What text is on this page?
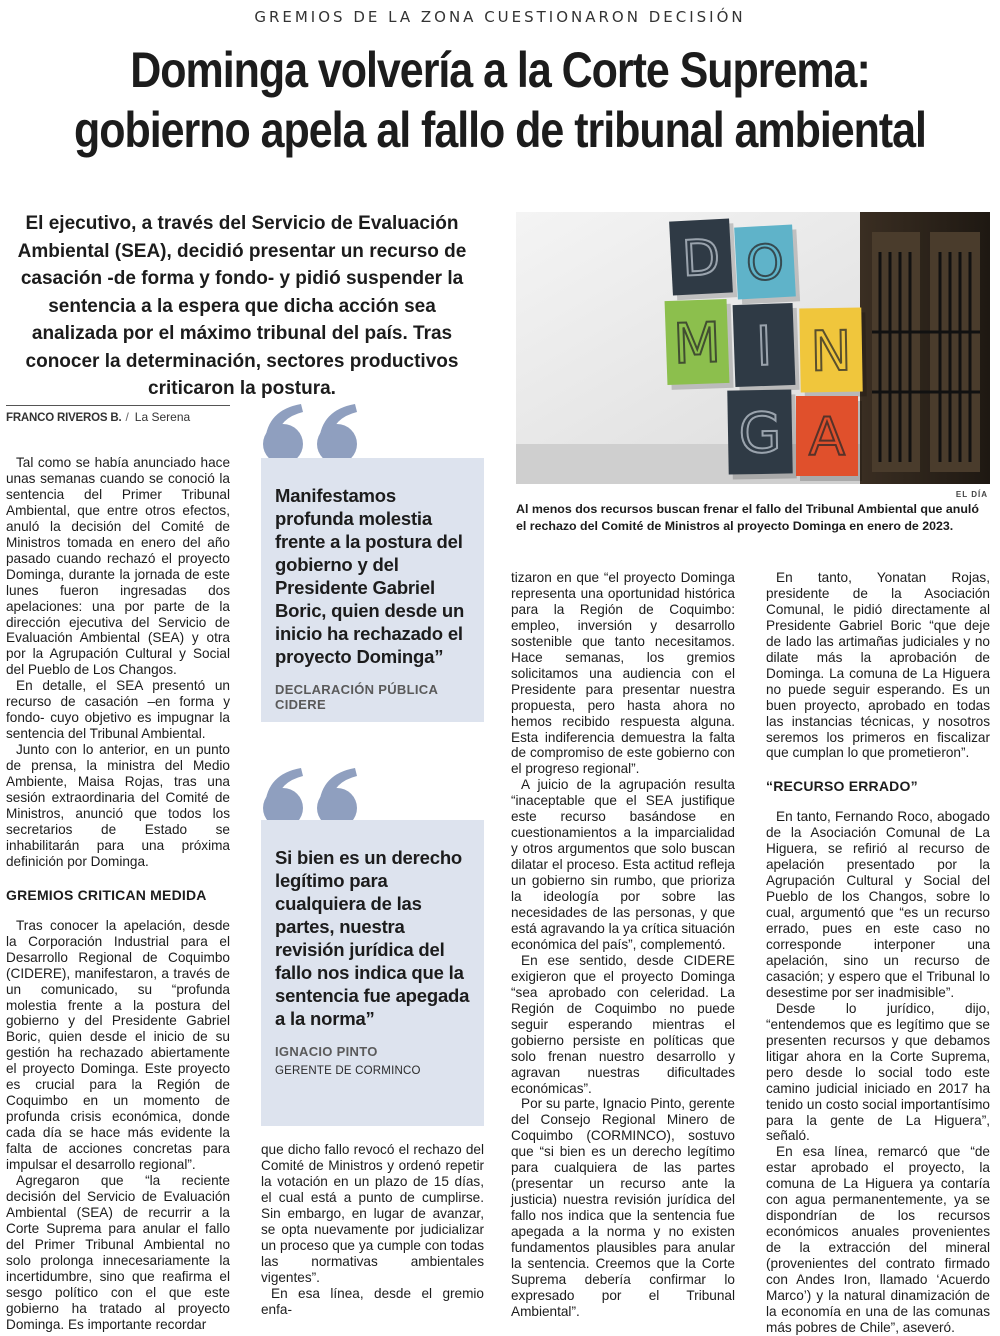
GREMIOS DE LA ZONA CUESTIONARON DECISIÓN
Dominga volvería a la Corte Suprema:
gobierno apela al fallo de tribunal ambiental
El ejecutivo, a través del Servicio de Evaluación Ambiental (SEA), decidió presentar un recurso de casación -de forma y fondo- y pidió suspender la sentencia a la espera que dicha acción sea analizada por el máximo tribunal del país. Tras conocer la determinación, sectores productivos criticaron la postura.
D O
M I N
G A
EL DÍA
Al menos dos recursos buscan frenar el fallo del Tribunal Ambiental que anuló el rechazo del Comité de Ministros al proyecto Dominga en enero de 2023.
FRANCO RIVEROS B. / La Serena

Tal como se había anunciado hace unas semanas cuando se conoció la sentencia del Primer Tribunal Ambiental, que entre otros efectos, anuló la decisión del Comité de Ministros tomada en enero del año pasado cuando rechazó el proyecto Dominga, durante la jornada de este lunes fueron ingresadas dos apelaciones: una por parte de la dirección ejecutiva del Servicio de Evaluación Ambiental (SEA) y otra por la Agrupación Cultural y Social del Pueblo de Los Changos.

En detalle, el SEA presentó un recurso de casación –en forma y fondo- cuyo objetivo es impugnar la sentencia del Tribunal Ambiental.

Junto con lo anterior, en un punto de prensa, la ministra del Medio Ambiente, Maisa Rojas, tras una sesión extraordinaria del Comité de Ministros, anunció que todos los secretarios de Estado se inhabilitarán para una próxima definición por Dominga.

GREMIOS CRITICAN MEDIDA

Tras conocer la apelación, desde la Corporación Industrial para el Desarrollo Regional de Coquimbo (CIDERE), manifestaron, a través de un comunicado, su “profunda molestia frente a la postura del gobierno y del Presidente Gabriel Boric, quien desde el inicio de su gestión ha rechazado abiertamente el proyecto Dominga. Este proyecto es crucial para la Región de Coquimbo en un momento de profunda crisis económica, donde cada día se hace más evidente la falta de acciones concretas para impulsar el desarrollo regional”.

Agregaron que “la reciente decisión del Servicio de Evaluación Ambiental (SEA) de recurrir a la Corte Suprema para anular el fallo del Primer Tribunal Ambiental no solo prolonga innecesariamente la incertidumbre, sino que reafirma el sesgo político con el que este gobierno ha tratado al proyecto Dominga. Es importante recordar

Manifestamos profunda molestia frente a la postura del gobierno y del Presidente Gabriel Boric, quien desde un inicio ha rechazado el proyecto Dominga”
DECLARACIÓN PÚBLICA CIDERE
Si bien es un derecho legítimo para cualquiera de las partes, nuestra revisión jurídica del fallo nos indica que la sentencia fue apegada a la norma”
IGNACIO PINTO
GERENTE DE CORMINCO

que dicho fallo revocó el rechazo del Comité de Ministros y ordenó repetir la votación en un plazo de 15 días, el cual está a punto de cumplirse. Sin embargo, en lugar de avanzar, se opta nuevamente por judicializar un proceso que ya cumple con todas las normativas ambientales vigentes”.

En esa línea, desde el gremio enfa-

tizaron en que “el proyecto Dominga representa una oportunidad histórica para la Región de Coquimbo: empleo, inversión y desarrollo sostenible que tanto necesitamos. Hace semanas, los gremios solicitamos una audiencia con el Presidente para presentar nuestra propuesta, pero hasta ahora no hemos recibido respuesta alguna. Esta indiferencia demuestra la falta de compromiso de este gobierno con el progreso regional”.

A juicio de la agrupación resulta “inaceptable que el SEA justifique este recurso basándose en cuestionamientos a la imparcialidad y otros argumentos que solo buscan dilatar el proceso. Esta actitud refleja un gobierno sin rumbo, que prioriza la ideología por sobre las necesidades de las personas, y que está agravando la ya crítica situación económica del país”, complementó.

En ese sentido, desde CIDERE exigieron que el proyecto Dominga “sea aprobado con celeridad. La Región de Coquimbo no puede seguir esperando mientras el gobierno persiste en políticas que solo frenan nuestro desarrollo y agravan nuestras dificultades económicas”.

Por su parte, Ignacio Pinto, gerente del Consejo Regional Minero de Coquimbo (CORMINCO), sostuvo que “si bien es un derecho legítimo para cualquiera de las partes (presentar un recurso ante la justicia) nuestra revisión jurídica del fallo nos indica que la sentencia fue apegada a la norma y no existen fundamentos plausibles para anular la sentencia. Creemos que la Corte Suprema debería confirmar lo expresado por el Tribunal Ambiental”.

En tanto, Yonatan Rojas, presidente de la Asociación Comunal, le pidió directamente al Presidente Gabriel Boric “que deje de lado las artimañas judiciales y no dilate más la aprobación de Dominga. La comuna de La Higuera no puede seguir esperando. Es un buen proyecto, aprobado en todas las instancias técnicas, y nosotros seremos los primeros en fiscalizar que cumplan lo que prometieron”.

“RECURSO ERRADO”

En tanto, Fernando Roco, abogado de la Asociación Comunal de La Higuera, se refirió al recurso de apelación presentado por la Agrupación Cultural y Social del Pueblo de los Changos, sobre lo cual, argumentó que “es un recurso errado, pues en este caso no corresponde interponer una apelación, sino un recurso de casación; y espero que el Tribunal lo desestime por ser inadmisible”.

Desde lo jurídico, dijo, “entendemos que es legítimo que se presenten recursos y que debamos litigar ahora en la Corte Suprema, pero desde lo social todo este camino judicial iniciado en 2017 ha tenido un costo social importantísimo para la gente de La Higuera”, señaló.

En esa línea, remarcó que “de estar aprobado el proyecto, la comuna de La Higuera ya contaría con agua permanentemente, ya se dispondrían de los recursos económicos anuales provenientes de la extracción del mineral (provenientes del contrato firmado con Andes Iron, llamado ‘Acuerdo Marco’) y la natural dinamización de la economía en una de las comunas más pobres de Chile”, aseveró.
